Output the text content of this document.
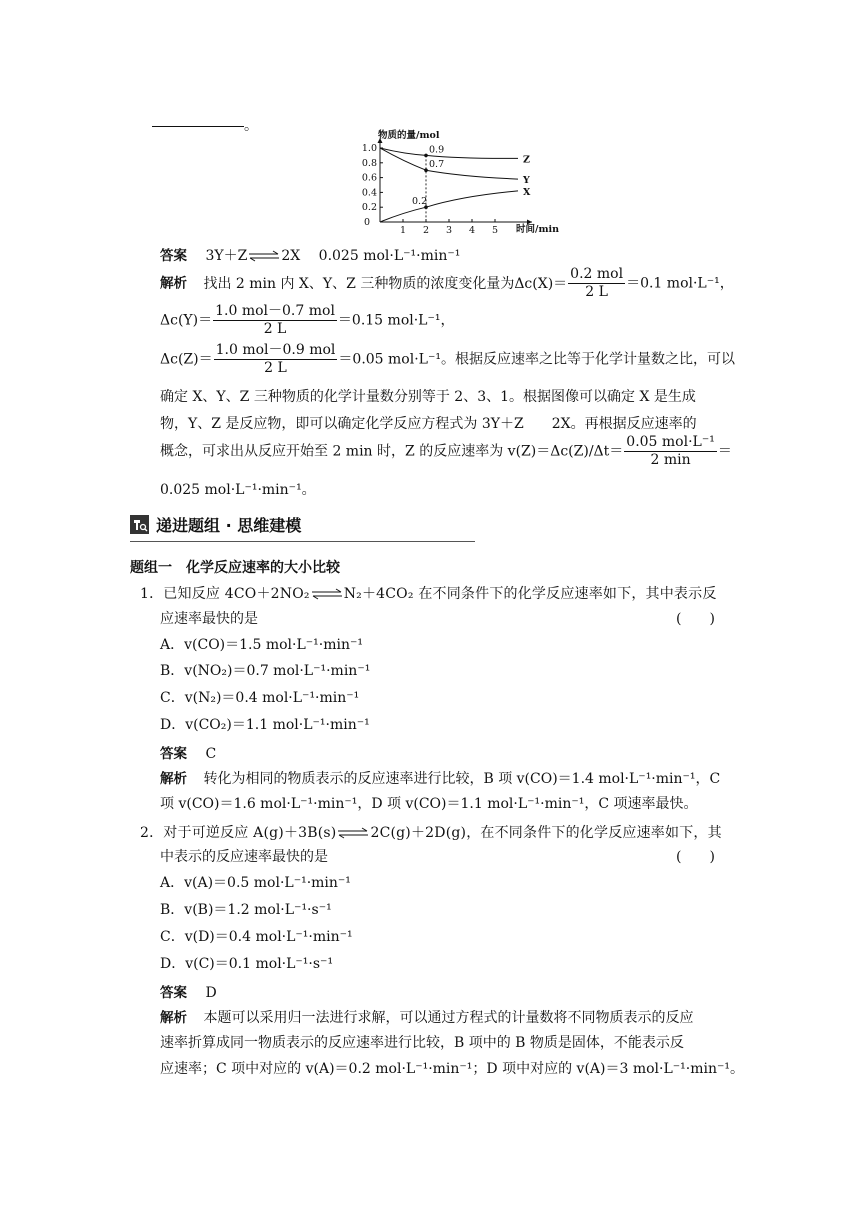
。
物质的量/mol
时间/min
0
0.2
0.4
0.6
0.8
1.0
1 2 3 4 5
Z
Y
X
0.9
0.7
0.2
答案 3Y＋Z⇌2X 0.025 mol·L⁻¹·min⁻¹
解析 找出 2 min 内 X、Y、Z 三种物质的浓度变化量为$\Delta c(X)= \frac{\text{0.2 mol}}{2 L} =0.1$ mol·L⁻¹，
$\Delta c(Y)= \frac{\text{1.0 mol－0.7 mol}}{2 L} =0.15$ mol·L⁻¹，
$\Delta c(Z)= \frac{\text{1.0 mol－0.9 mol}}{2 L} =0.05$ mol·L⁻¹。根据反应速率之比等于化学计量数之比，可以
确定 X、Y、Z 三种物质的化学计量数分别等于 2、3、1。根据图像可以确定 X 是生成
物，Y、Z 是反应物，即可以确定化学反应方程式为 3Y＋Z　　2X。再根据反应速率的
概念，可求出从反应开始至 2 min 时，Z 的反应速率为 $v(Z)=\Delta c(Z)/\Delta t= \frac{\text{0.05 mol·L⁻¹}}{2 \min}$ ＝
0.025 mol·L⁻¹·min⁻¹。
递进题组 · 思维建模
题组一　化学反应速率的大小比较
1．已知反应 4CO＋2NO₂⇌N₂＋4CO₂ 在不同条件下的化学反应速率如下，其中表示反
应速率最快的是	(　　)
A．v(CO)＝1.5 mol·L⁻¹·min⁻¹
B．v(NO₂)＝0.7 mol·L⁻¹·min⁻¹
C．v(N₂)＝0.4 mol·L⁻¹·min⁻¹
D．v(CO₂)＝1.1 mol·L⁻¹·min⁻¹
答案 C
解析 转化为相同的物质表示的反应速率进行比较，B 项 v(CO)＝1.4 mol·L⁻¹·min⁻¹，C
项 v(CO)＝1.6 mol·L⁻¹·min⁻¹，D 项 v(CO)＝1.1 mol·L⁻¹·min⁻¹，C 项速率最快。
2．对于可逆反应 A(g)＋3B(s)⇌2C(g)＋2D(g)，在不同条件下的化学反应速率如下，其
中表示的反应速率最快的是	(　　)
A．v(A)＝0.5 mol·L⁻¹·min⁻¹
B．v(B)＝1.2 mol·L⁻¹·s⁻¹
C．v(D)＝0.4 mol·L⁻¹·min⁻¹
D．v(C)＝0.1 mol·L⁻¹·s⁻¹
答案 D
解析 本题可以采用归一法进行求解，可以通过方程式的计量数将不同物质表示的反应
速率折算成同一物质表示的反应速率进行比较，B 项中的 B 物质是固体，不能表示反
应速率；C 项中对应的 v(A)＝0.2 mol·L⁻¹·min⁻¹；D 项中对应的 v(A)＝3 mol·L⁻¹·min⁻¹。
